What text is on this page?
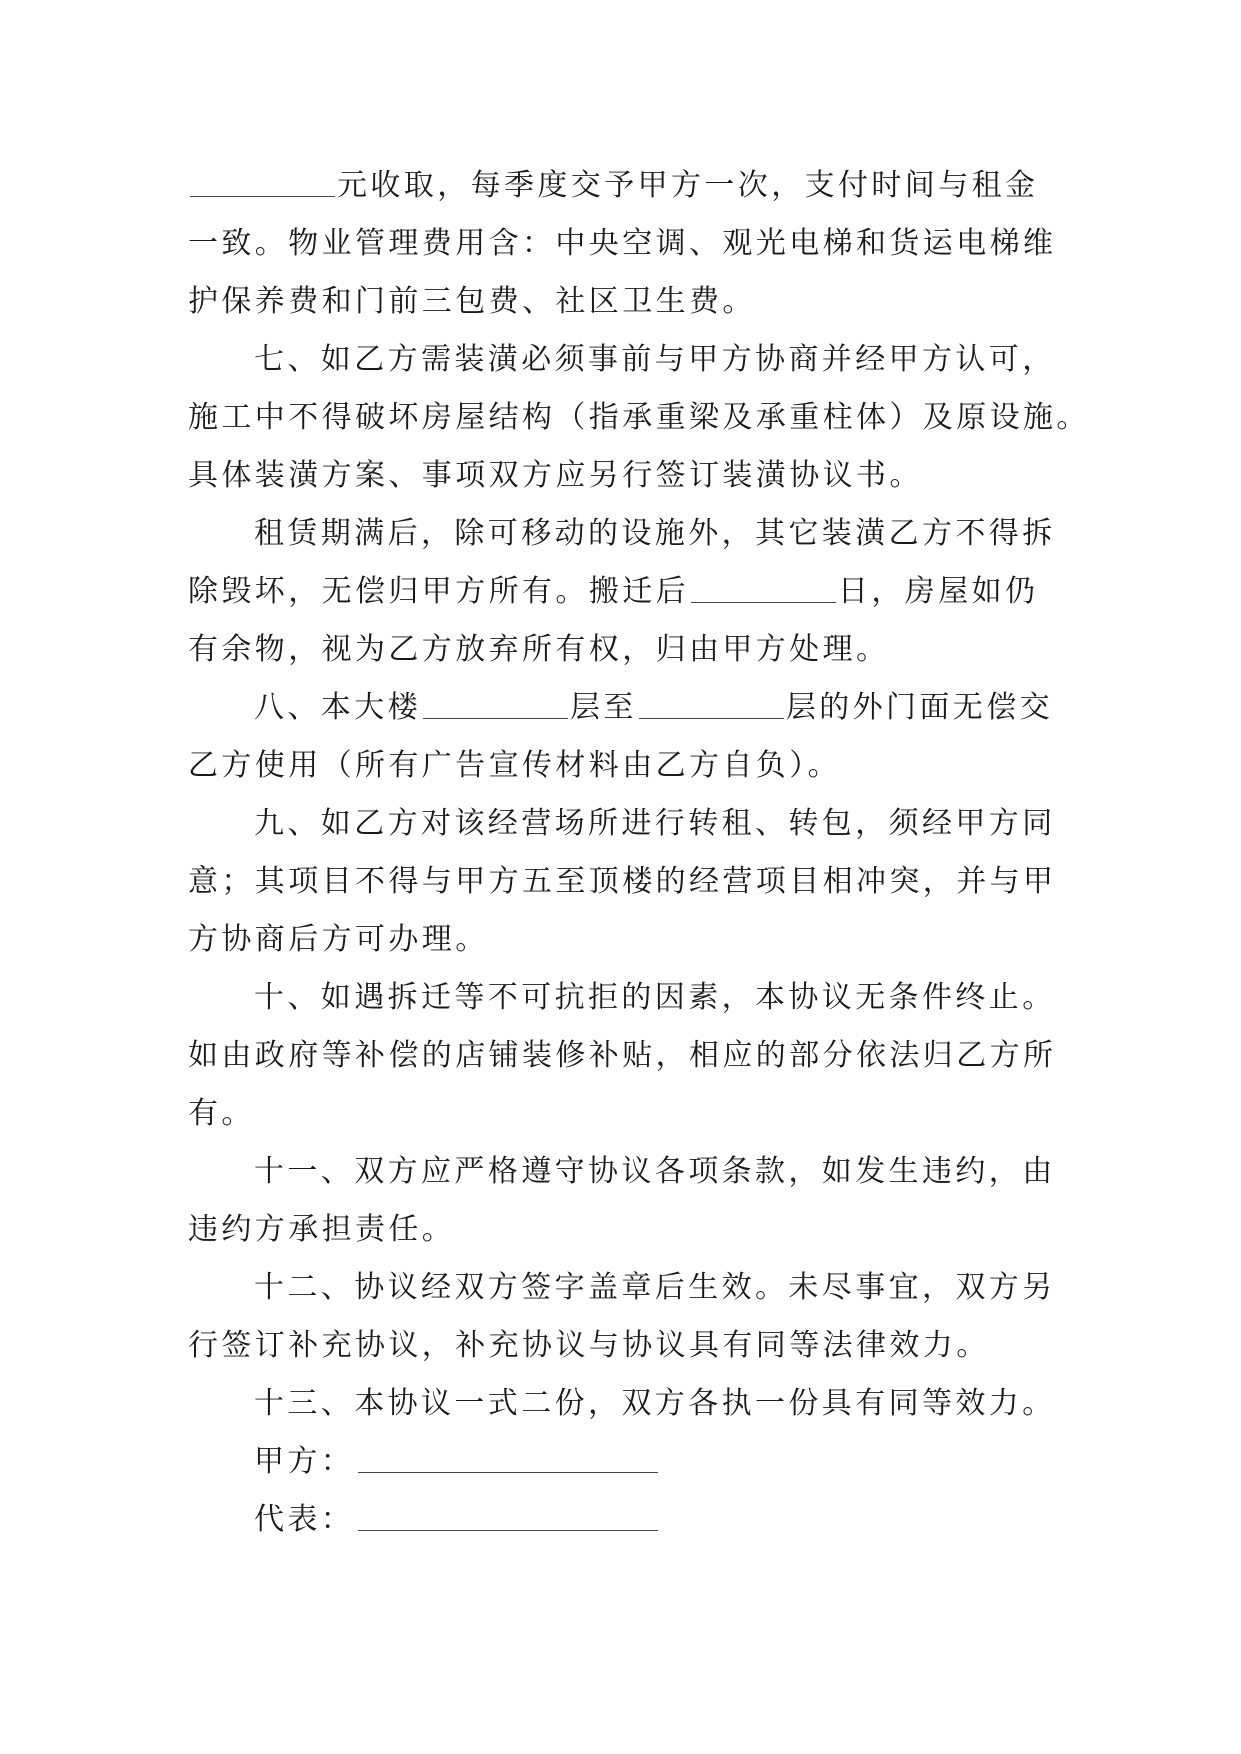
元收取，每季度交予甲方一次，支付时间与租金
一致。物业管理费用含：中央空调、观光电梯和货运电梯维
护保养费和门前三包费、社区卫生费。
七、如乙方需装潢必须事前与甲方协商并经甲方认可，
施工中不得破坏房屋结构（指承重梁及承重柱体）及原设施。
具体装潢方案、事项双方应另行签订装潢协议书。
租赁期满后，除可移动的设施外，其它装潢乙方不得拆
除毁坏，无偿归甲方所有。搬迁后	日，房屋如仍
有余物，视为乙方放弃所有权，归由甲方处理。
八、本大楼	层至	层的外门面无偿交
乙方使用（所有广告宣传材料由乙方自负）。
九、如乙方对该经营场所进行转租、转包，须经甲方同
意；其项目不得与甲方五至顶楼的经营项目相冲突，并与甲
方协商后方可办理。
十、如遇拆迁等不可抗拒的因素，本协议无条件终止。
如由政府等补偿的店铺装修补贴，相应的部分依法归乙方所
有。
十一、双方应严格遵守协议各项条款，如发生违约，由
违约方承担责任。
十二、协议经双方签字盖章后生效。未尽事宜，双方另
行签订补充协议，补充协议与协议具有同等法律效力。
十三、本协议一式二份，双方各执一份具有同等效力。
甲方：
代表：
